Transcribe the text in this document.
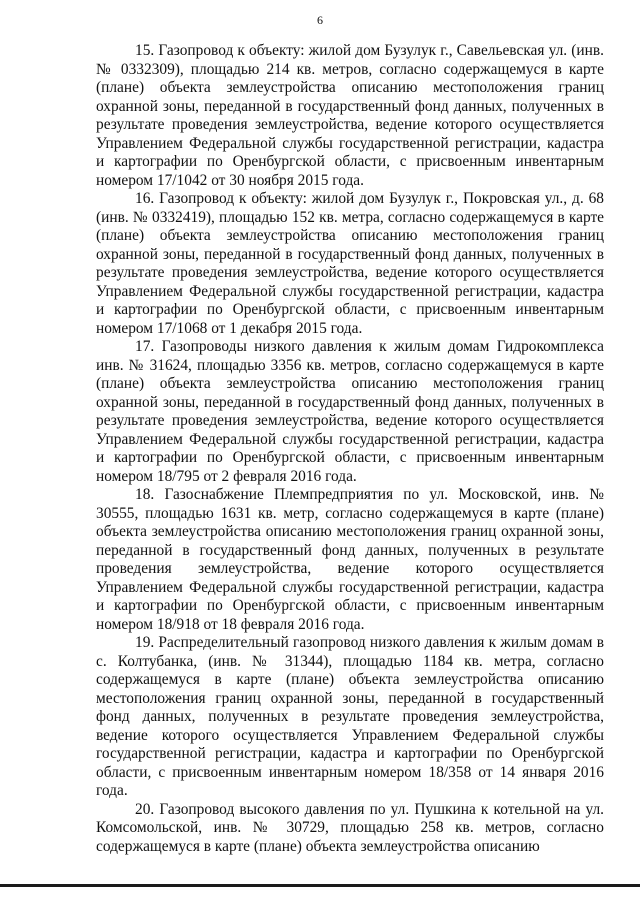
6

15. Газопровод к объекту: жилой дом Бузулук г., Савельевская ул. (инв. № 0332309), площадью 214 кв. метров, согласно содержащемуся в карте (плане) объекта землеустройства описанию местоположения границ охранной зоны, переданной в государственный фонд данных, полученных в результате проведения землеустройства, ведение которого осуществляется Управлением Федеральной службы государственной регистрации, кадастра и картографии по Оренбургской области, с присвоенным инвентарным номером 17/1042 от 30 ноября 2015 года.

16. Газопровод к объекту: жилой дом Бузулук г., Покровская ул., д. 68 (инв. № 0332419), площадью 152 кв. метра, согласно содержащемуся в карте (плане) объекта землеустройства описанию местоположения границ охранной зоны, переданной в государственный фонд данных, полученных в результате проведения землеустройства, ведение которого осуществляется Управлением Федеральной службы государственной регистрации, кадастра и картографии по Оренбургской области, с присвоенным инвентарным номером 17/1068 от 1 декабря 2015 года.

17. Газопроводы низкого давления к жилым домам Гидрокомплекса инв. № 31624, площадью 3356 кв. метров, согласно содержащемуся в карте (плане) объекта землеустройства описанию местоположения границ охранной зоны, переданной в государственный фонд данных, полученных в результате проведения землеустройства, ведение которого осуществляется Управлением Федеральной службы государственной регистрации, кадастра и картографии по Оренбургской области, с присвоенным инвентарным номером 18/795 от 2 февраля 2016 года.

18. Газоснабжение Племпредприятия по ул. Московской, инв. № 30555, площадью 1631 кв. метр, согласно содержащемуся в карте (плане) объекта землеустройства описанию местоположения границ охранной зоны, переданной в государственный фонд данных, полученных в результате проведения землеустройства, ведение которого осуществляется Управлением Федеральной службы государственной регистрации, кадастра и картографии по Оренбургской области, с присвоенным инвентарным номером 18/918 от 18 февраля 2016 года.

19. Распределительный газопровод низкого давления к жилым домам в с. Колтубанка, (инв. № 31344), площадью 1184 кв. метра, согласно содержащемуся в карте (плане) объекта землеустройства описанию местоположения границ охранной зоны, переданной в государственный фонд данных, полученных в результате проведения землеустройства, ведение которого осуществляется Управлением Федеральной службы государственной регистрации, кадастра и картографии по Оренбургской области, с присвоенным инвентарным номером 18/358 от 14 января 2016 года.

20. Газопровод высокого давления по ул. Пушкина к котельной на ул. Комсомольской, инв. № 30729, площадью 258 кв. метров, согласно содержащемуся в карте (плане) объекта землеустройства описанию
